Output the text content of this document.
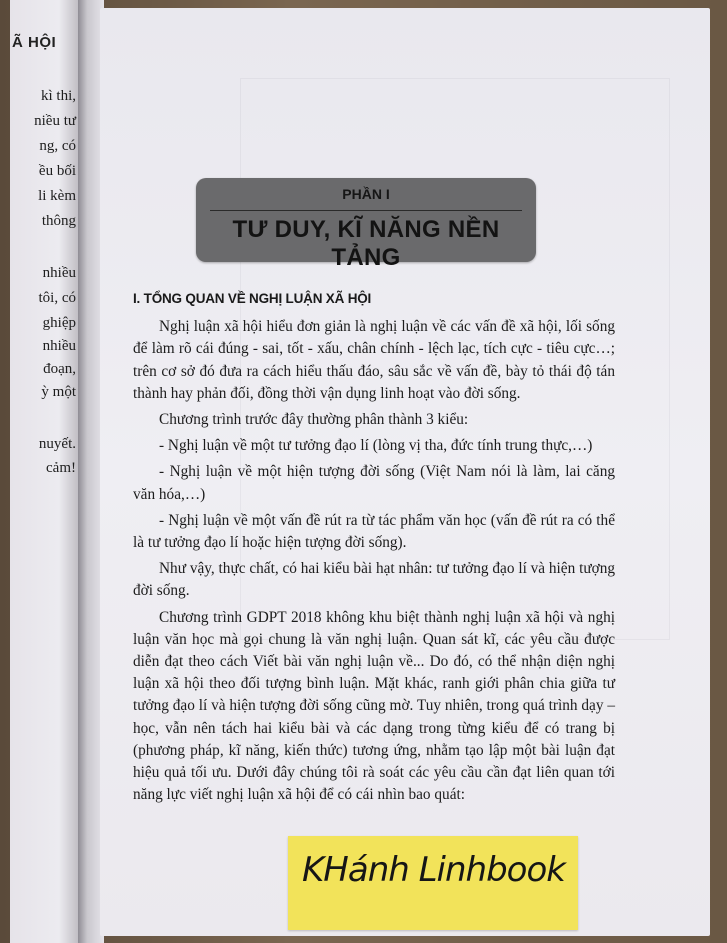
Ã HỘI
kì thi,
niều tư
ng, có
ều bối
li kèm
thông
nhiều
tôi, có
ghiệp
nhiều
đoạn,
ỳ một
nuyết.
cảm!
PHẦN I
TƯ DUY, KĨ NĂNG NỀN TẢNG
I. TỔNG QUAN VỀ NGHỊ LUẬN XÃ HỘI

Nghị luận xã hội hiểu đơn giản là nghị luận về các vấn đề xã hội, lối sống để làm rõ cái đúng - sai, tốt - xấu, chân chính - lệch lạc, tích cực - tiêu cực…; trên cơ sở đó đưa ra cách hiểu thấu đáo, sâu sắc về vấn đề, bày tỏ thái độ tán thành hay phản đối, đồng thời vận dụng linh hoạt vào đời sống.

Chương trình trước đây thường phân thành 3 kiểu:

- Nghị luận về một tư tưởng đạo lí (lòng vị tha, đức tính trung thực,…)

- Nghị luận về một hiện tượng đời sống (Việt Nam nói là làm, lai căng văn hóa,…)

- Nghị luận về một vấn đề rút ra từ tác phẩm văn học (vấn đề rút ra có thể là tư tưởng đạo lí hoặc hiện tượng đời sống).

Như vậy, thực chất, có hai kiểu bài hạt nhân: tư tưởng đạo lí và hiện tượng đời sống.

Chương trình GDPT 2018 không khu biệt thành nghị luận xã hội và nghị luận văn học mà gọi chung là văn nghị luận. Quan sát kĩ, các yêu cầu được diễn đạt theo cách Viết bài văn nghị luận về... Do đó, có thể nhận diện nghị luận xã hội theo đối tượng bình luận. Mặt khác, ranh giới phân chia giữa tư tưởng đạo lí và hiện tượng đời sống cũng mờ. Tuy nhiên, trong quá trình dạy – học, vẫn nên tách hai kiểu bài và các dạng trong từng kiểu để có trang bị (phương pháp, kĩ năng, kiến thức) tương ứng, nhằm tạo lập một bài luận đạt hiệu quả tối ưu. Dưới đây chúng tôi rà soát các yêu cầu cần đạt liên quan tới năng lực viết nghị luận xã hội để có cái nhìn bao quát:

KHánh Linhbook
